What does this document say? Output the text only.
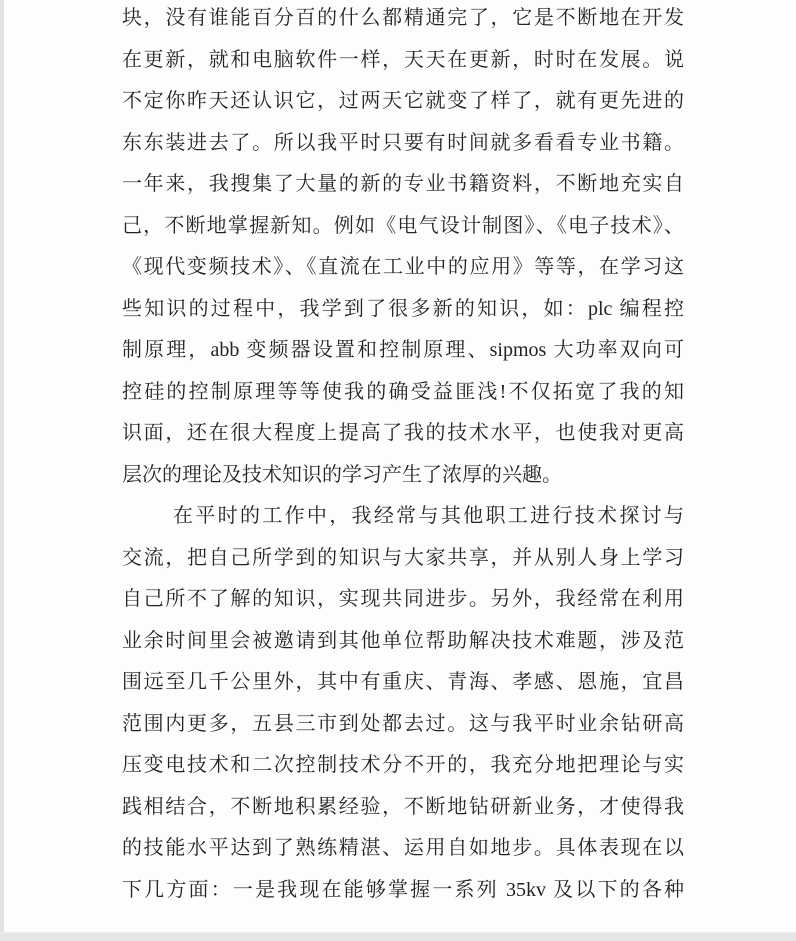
块，没有谁能百分百的什么都精通完了，它是不断地在开发
在更新，就和电脑软件一样，天天在更新，时时在发展。说
不定你昨天还认识它，过两天它就变了样了，就有更先进的
东东装进去了。所以我平时只要有时间就多看看专业书籍。
一年来，我搜集了大量的新的专业书籍资料，不断地充实自
己，不断地掌握新知。例如《电气设计制图》、《电子技术》、
《现代变频技术》、《直流在工业中的应用》等等，在学习这
些知识的过程中，我学到了很多新的知识，如：plc 编程控
制原理，abb 变频器设置和控制原理、sipmos 大功率双向可
控硅的控制原理等等使我的确受益匪浅!不仅拓宽了我的知
识面，还在很大程度上提高了我的技术水平，也使我对更高
层次的理论及技术知识的学习产生了浓厚的兴趣。
在平时的工作中，我经常与其他职工进行技术探讨与
交流，把自己所学到的知识与大家共享，并从别人身上学习
自己所不了解的知识，实现共同进步。另外，我经常在利用
业余时间里会被邀请到其他单位帮助解决技术难题，涉及范
围远至几千公里外，其中有重庆、青海、孝感、恩施，宜昌
范围内更多，五县三市到处都去过。这与我平时业余钻研高
压变电技术和二次控制技术分不开的，我充分地把理论与实
践相结合，不断地积累经验，不断地钻研新业务，才使得我
的技能水平达到了熟练精湛、运用自如地步。具体表现在以
下几方面：一是我现在能够掌握一系列 35kv 及以下的各种
